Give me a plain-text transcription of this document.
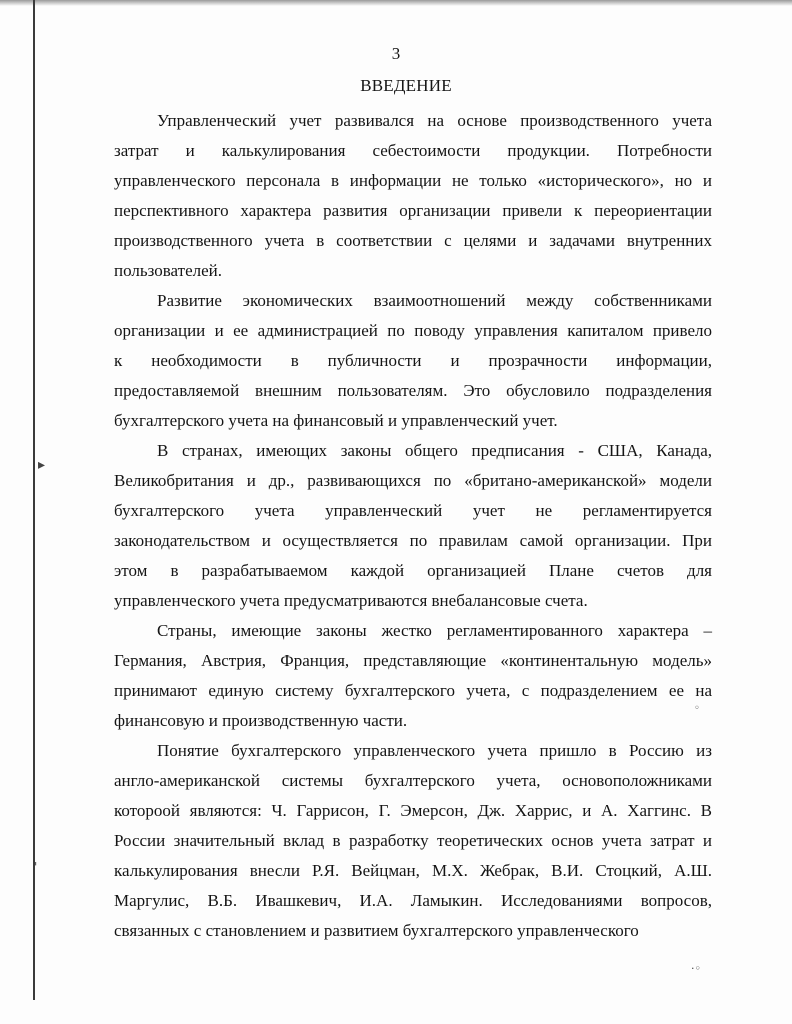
3
ВВЕДЕНИЕ
Управленческий учет развивался на основе производственного учета
затрат и калькулирования себестоимости продукции. Потребности
управленческого персонала в информации не только «исторического», но и
перспективного характера развития организации привели к переориентации
производственного учета в соответствии с целями и задачами внутренних
пользователей.
Развитие экономических взаимоотношений между собственниками
организации и ее администрацией по поводу управления капиталом привело
к необходимости в публичности и прозрачности информации,
предоставляемой внешним пользователям. Это обусловило подразделения
бухгалтерского учета на финансовый и управленческий учет.
В странах, имеющих законы общего предписания - США, Канада,
Великобритания и др., развивающихся по «британо-американской» модели
бухгалтерского учета управленческий учет не регламентируется
законодательством и осуществляется по правилам самой организации. При
этом в разрабатываемом каждой организацией Плане счетов для
управленческого учета предусматриваются внебалансовые счета.
Страны, имеющие законы жестко регламентированного характера –
Германия, Австрия, Франция, представляющие «континентальную модель»
принимают единую систему бухгалтерского учета, с подразделением ее на
финансовую и производственную части.
Понятие бухгалтерского управленческого учета пришло в Россию из
англо-американской системы бухгалтерского учета, основоположниками
котороой являются: Ч. Гаррисон, Г. Эмерсон, Дж. Харрис, и А. Хаггинс. В
России значительный вклад в разработку теоретических основ учета затрат и
калькулирования внесли Р.Я. Вейцман, М.Х. Жебрак, В.И. Стоцкий, А.Ш.
Маргулис, В.Б. Ивашкевич, И.А. Ламыкин. Исследованиями вопросов,
связанных с становлением и развитием бухгалтерского управленческого
▸
'
◦
·◦
